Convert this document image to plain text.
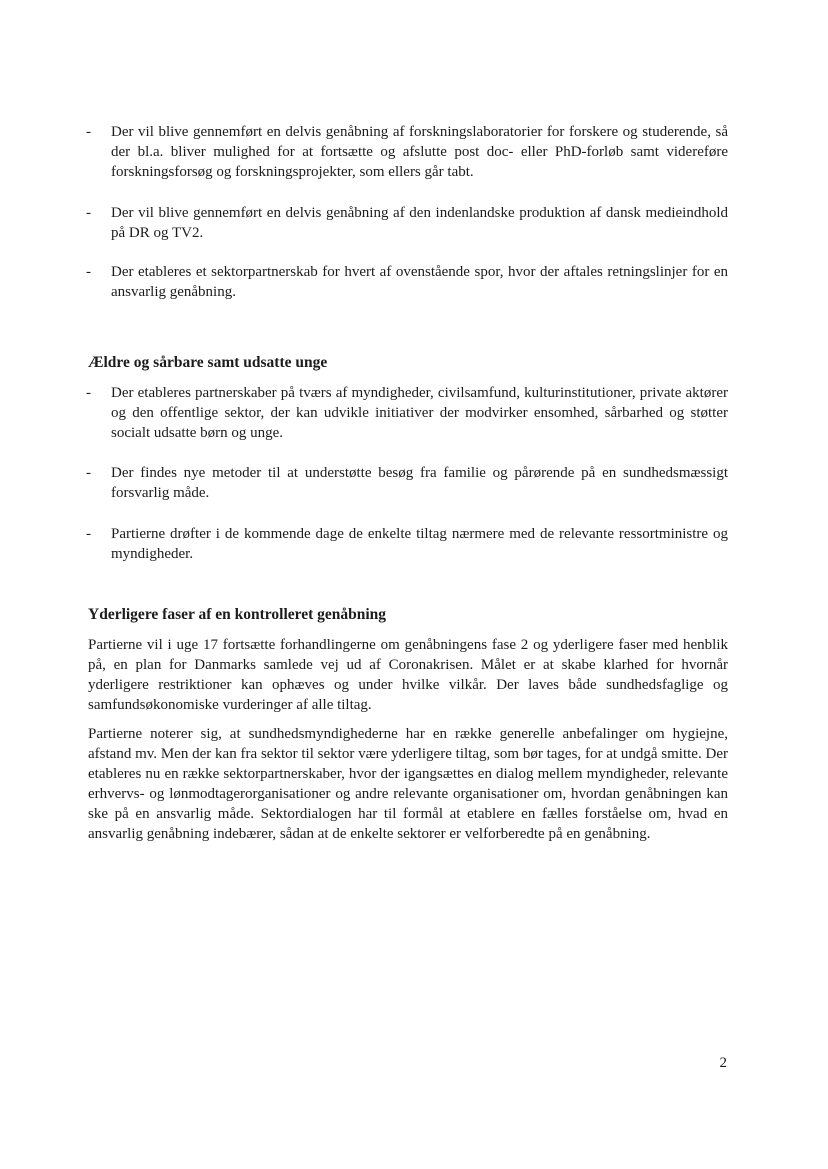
-	Der vil blive gennemført en delvis genåbning af forskningslaboratorier for forskere og studerende, så der bl.a. bliver mulighed for at fortsætte og afslutte post doc- eller PhD-forløb samt videreføre forskningsforsøg og forskningsprojekter, som ellers går tabt.
-	Der vil blive gennemført en delvis genåbning af den indenlandske produktion af dansk medieindhold på DR og TV2.
-	Der etableres et sektorpartnerskab for hvert af ovenstående spor, hvor der aftales retningslinjer for en ansvarlig genåbning.
Ældre og sårbare samt udsatte unge
-	Der etableres partnerskaber på tværs af myndigheder, civilsamfund, kulturinstitutioner, private aktører og den offentlige sektor, der kan udvikle initiativer der modvirker ensomhed, sårbarhed og støtter socialt udsatte børn og unge.
-	Der findes nye metoder til at understøtte besøg fra familie og pårørende på en sundhedsmæssigt forsvarlig måde.
-	Partierne drøfter i de kommende dage de enkelte tiltag nærmere med de relevante ressortministre og myndigheder.
Yderligere faser af en kontrolleret genåbning
Partierne vil i uge 17 fortsætte forhandlingerne om genåbningens fase 2 og yderligere faser med henblik på, en plan for Danmarks samlede vej ud af Coronakrisen. Målet er at skabe klarhed for hvornår yderligere restriktioner kan ophæves og under hvilke vilkår. Der laves både sundhedsfaglige og samfundsøkonomiske vurderinger af alle tiltag.
Partierne noterer sig, at sundhedsmyndighederne har en række generelle anbefalinger om hygiejne, afstand mv. Men der kan fra sektor til sektor være yderligere tiltag, som bør tages, for at undgå smitte. Der etableres nu en række sektorpartnerskaber, hvor der igangsættes en dialog mellem myndigheder, relevante erhvervs- og lønmodtagerorganisationer og andre relevante organisationer om, hvordan genåbningen kan ske på en ansvarlig måde. Sektordialogen har til formål at etablere en fælles forståelse om, hvad en ansvarlig genåbning indebærer, sådan at de enkelte sektorer er velforberedte på en genåbning.
2
